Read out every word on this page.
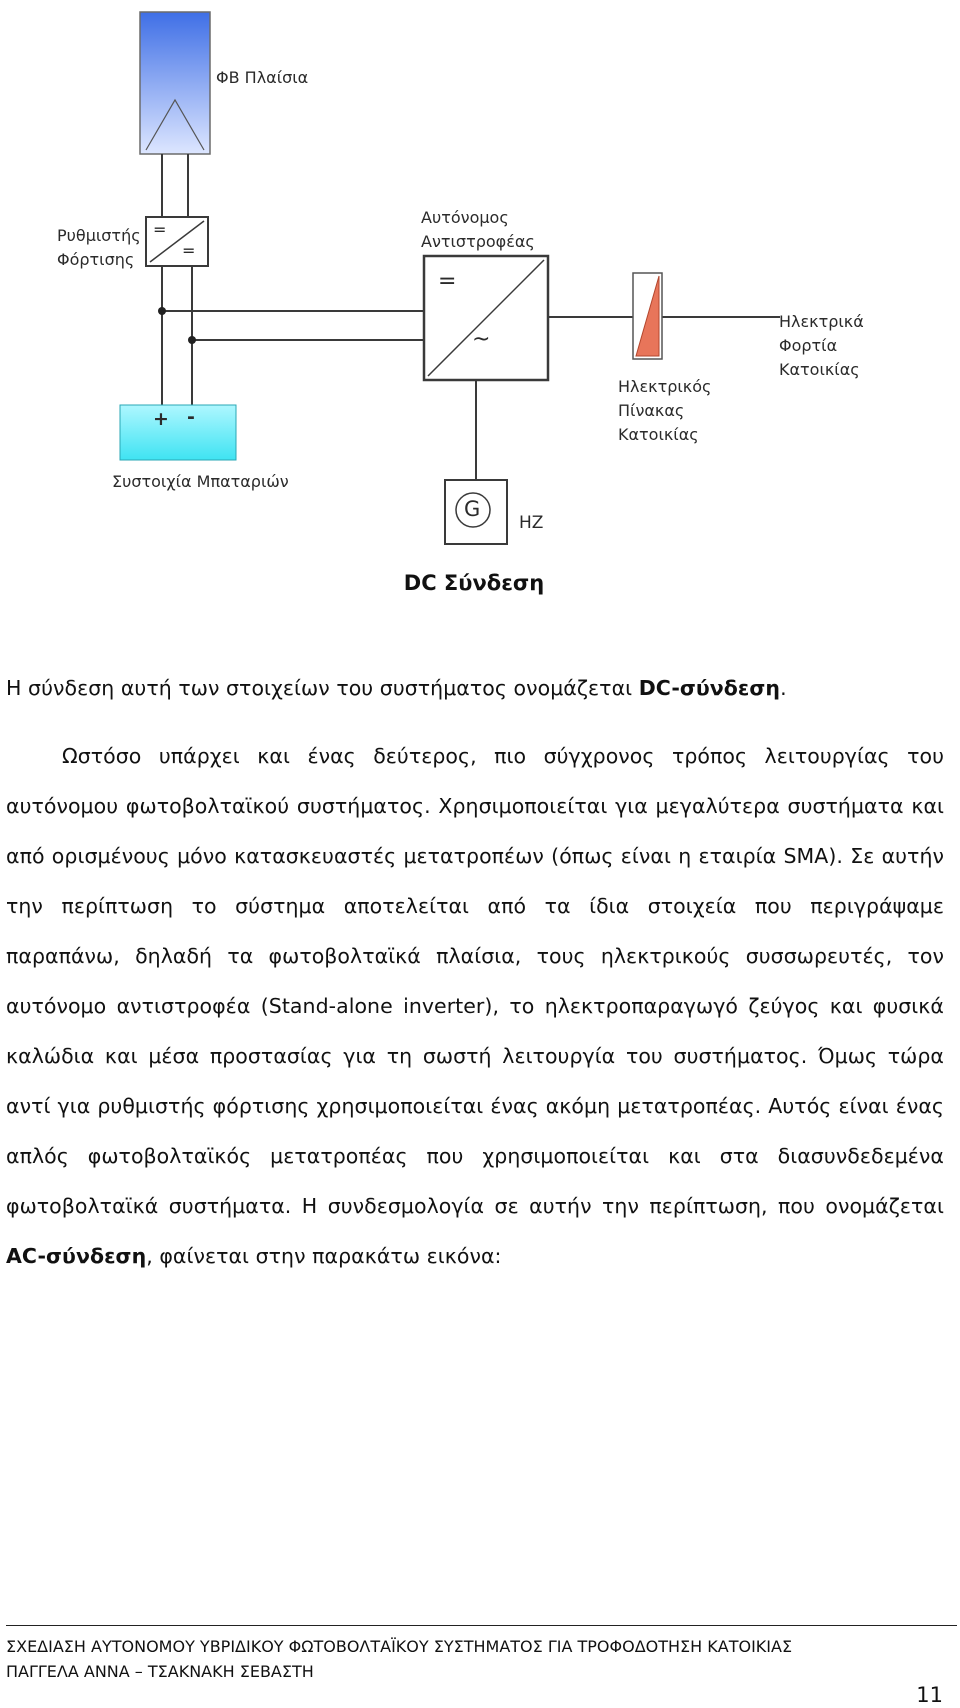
ΦΒ Πλαίσια
Ρυθμιστής
Φόρτισης
Αυτόνομος
Αντιστροφέας
Ηλεκτρικά
Φορτία
Κατοικίας
Ηλεκτρικός
Πίνακας
Κατοικίας
Συστοιχία Μπαταριών
HZ
G
+ -
=
=
=
~
DC Σύνδεση
Η σύνδεση αυτή των στοιχείων του συστήματος ονομάζεται DC-σύνδεση.
Ωστόσο υπάρχει και ένας δεύτερος, πιο σύγχρονος τρόπος λειτουργίας του αυτόνομου φωτοβολταϊκού συστήματος. Χρησιμοποιείται για μεγαλύτερα συστήματα και από ορισμένους μόνο κατασκευαστές μετατροπέων (όπως είναι η εταιρία SMA). Σε αυτήν την περίπτωση το σύστημα αποτελείται από τα ίδια στοιχεία που περιγράψαμε παραπάνω, δηλαδή τα φωτοβολταϊκά πλαίσια, τους ηλεκτρικούς συσσωρευτές, τον αυτόνομο αντιστροφέα (Stand-alone inverter), το ηλεκτροπαραγωγό ζεύγος και φυσικά καλώδια και μέσα προστασίας για τη σωστή λειτουργία του συστήματος. Όμως τώρα αντί για ρυθμιστής φόρτισης χρησιμοποιείται ένας ακόμη μετατροπέας. Αυτός είναι ένας απλός φωτοβολταϊκός μετατροπέας που χρησιμοποιείται και στα διασυνδεδεμένα φωτοβολταϊκά συστήματα. Η συνδεσμολογία σε αυτήν την περίπτωση, που ονομάζεται AC-σύνδεση, φαίνεται στην παρακάτω εικόνα:
ΣΧΕΔΙΑΣΗ ΑΥΤΟΝΟΜΟΥ ΥΒΡΙΔΙΚΟΥ ΦΩΤΟΒΟΛΤΑΪΚΟΥ ΣΥΣΤΗΜΑΤΟΣ ΓΙΑ ΤΡΟΦΟΔΟΤΗΣΗ ΚΑΤΟΙΚΙΑΣ
ΠΑΓΓΕΛΑ ΑΝΝΑ – ΤΣΑΚΝΑΚΗ ΣΕΒΑΣΤΗ
11
